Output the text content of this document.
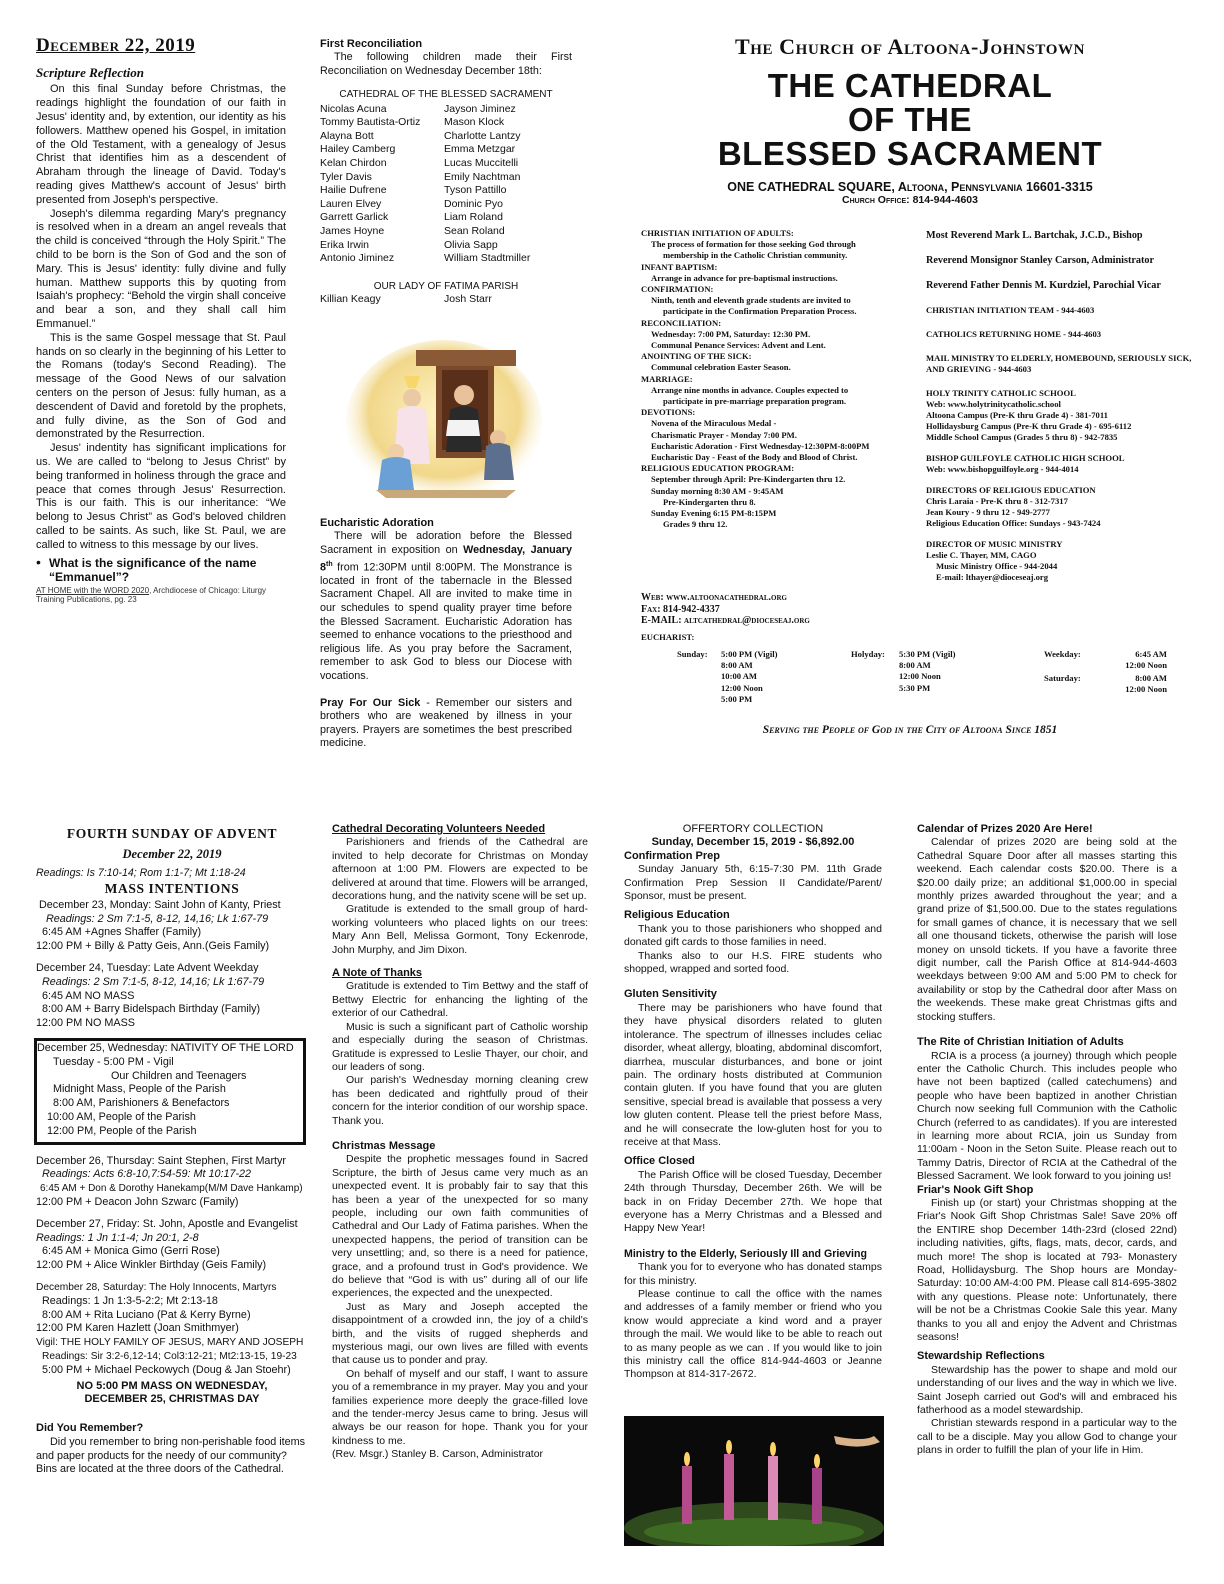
December 22, 2019
Scripture Reflection

On this final Sunday before Christmas, the readings highlight the foundation of our faith in Jesus' identity and, by extention, our identity as his followers. Matthew opened his Gospel, in imitation of the Old Testament, with a genealogy of Jesus Christ that identifies him as a descendent of Abraham through the lineage of David. Today's reading gives Matthew's account of Jesus' birth presented from Joseph's perspective.

Joseph's dilemma regarding Mary's pregnancy is resolved when in a dream an angel reveals that the child is conceived “through the Holy Spirit.” The child to be born is the Son of God and the son of Mary. This is Jesus' identity: fully divine and fully human. Matthew supports this by quoting from Isaiah's prophecy: “Behold the virgin shall conceive and bear a son, and they shall call him Emmanuel.”

This is the same Gospel message that St. Paul hands on so clearly in the beginning of his Letter to the Romans (today's Second Reading). The message of the Good News of our salvation centers on the person of Jesus: fully human, as a descendent of David and foretold by the prophets, and fully divine, as the Son of God and demonstrated by the Resurrection.

Jesus' indentity has significant implications for us. We are called to “belong to Jesus Christ” by being tranformed in holiness through the grace and peace that comes through Jesus' Resurrection. This is our faith. This is our inheritance: “We belong to Jesus Christ” as God's beloved children called to be saints. As such, like St. Paul, we are called to witness to this message by our lives.

• What is the significance of the name “Emmanuel”?
AT HOME with the WORD 2020, Archdiocese of Chicago: Liturgy Training Publications, pg. 23
First Reconciliation

The following children made their First Reconciliation on Wednesday December 18th:

CATHEDRAL OF THE BLESSED SACRAMENT
Nicolas Acuna	Jayson Jiminez
Tommy Bautista-Ortiz	Mason Klock
Alayna Bott	Charlotte Lantzy
Hailey Camberg	Emma Metzgar
Kelan Chirdon	Lucas Muccitelli
Tyler Davis	Emily Nachtman
Hailie Dufrene	Tyson Pattillo
Lauren Elvey	Dominic Pyo
Garrett Garlick	Liam Roland
James Hoyne	Sean Roland
Erika Irwin	Olivia Sapp
Antonio Jiminez	William Stadtmiller
OUR LADY OF FATIMA PARISH
Killian Keagy	Josh Starr
Eucharistic Adoration

There will be adoration before the Blessed Sacrament in exposition on Wednesday, January 8th from 12:30PM until 8:00PM. The Monstrance is located in front of the tabernacle in the Blessed Sacrament Chapel. All are invited to make time in our schedules to spend quality prayer time before the Blessed Sacrament. Eucharistic Adoration has seemed to enhance vocations to the priesthood and religious life. As you pray before the Sacrament, remember to ask God to bless our Diocese with vocations.

Pray For Our Sick - Remember our sisters and brothers who are weakened by illness in your prayers. Prayers are sometimes the best prescribed medicine.

The Church of Altoona-Johnstown
THE CATHEDRAL
OF THE
BLESSED SACRAMENT
ONE CATHEDRAL SQUARE, Altoona, Pennsylvania 16601-3315
Church Office: 814-944-4603
CHRISTIAN INITIATION OF ADULTS:
The process of formation for those seeking God through
membership in the Catholic Christian community.
INFANT BAPTISM:
Arrange in advance for pre-baptismal instructions.
CONFIRMATION:
Ninth, tenth and eleventh grade students are invited to
participate in the Confirmation Preparation Process.
RECONCILIATION:
Wednesday: 7:00 PM, Saturday: 12:30 PM.
Communal Penance Services: Advent and Lent.
ANOINTING OF THE SICK:
Communal celebration Easter Season.
MARRIAGE:
Arrange nine months in advance. Couples expected to
participate in pre-marriage preparation program.
DEVOTIONS:
Novena of the Miraculous Medal -
Charismatic Prayer - Monday 7:00 PM.
Eucharistic Adoration - First Wednesday-12:30PM-8:00PM
Eucharistic Day - Feast of the Body and Blood of Christ.
RELIGIOUS EDUCATION PROGRAM:
September through April: Pre-Kindergarten thru 12.
Sunday morning 8:30 AM - 9:45AM
Pre-Kindergarten thru 8.
Sunday Evening 6:15 PM-8:15PM
Grades 9 thru 12.
Most Reverend Mark L. Bartchak, J.C.D., Bishop
Reverend Monsignor Stanley Carson, Administrator
Reverend Father Dennis M. Kurdziel, Parochial Vicar
CHRISTIAN INITIATION TEAM - 944-4603
CATHOLICS RETURNING HOME - 944-4603
MAIL MINISTRY TO ELDERLY, HOMEBOUND, SERIOUSLY SICK, AND GRIEVING - 944-4603
HOLY TRINITY CATHOLIC SCHOOL
Web: www.holytrinitycatholic.school
Altoona Campus (Pre-K thru Grade 4) - 381-7011
Hollidaysburg Campus (Pre-K thru Grade 4) - 695-6112
Middle School Campus (Grades 5 thru 8) - 942-7835
BISHOP GUILFOYLE CATHOLIC HIGH SCHOOL
Web: www.bishopguilfoyle.org - 944-4014
DIRECTORS OF RELIGIOUS EDUCATION
Chris Laraia - Pre-K thru 8 - 312-7317
Jean Koury - 9 thru 12 - 949-2777
Religious Education Office: Sundays - 943-7424
DIRECTOR OF MUSIC MINISTRY
Leslie C. Thayer, MM, CAGO
Music Ministry Office - 944-2044
E-mail: lthayer@dioceseaj.org
Web: www.altoonacathedral.org
Fax: 814-942-4337
E-MAIL: altcathedral@dioceseaj.org
EUCHARIST:
Sunday: 5:00 PM (Vigil)
8:00 AM
10:00 AM
12:00 Noon
5:00 PM
Holyday: 5:30 PM (Vigil)
8:00 AM
12:00 Noon
5:30 PM
Weekday:	6:45 AM
12:00 Noon
Saturday:	8:00 AM
12:00 Noon
Serving the People of God in the City of Altoona Since 1851
FOURTH SUNDAY OF ADVENT
December 22, 2019
Readings: Is 7:10-14; Rom 1:1-7; Mt 1:18-24
MASS INTENTIONS

December 23, Monday: Saint John of Kanty, Priest

Readings: 2 Sm 7:1-5, 8-12, 14,16; Lk 1:67-79

6:45 AM +Agnes Shaffer (Family)

12:00 PM + Billy & Patty Geis, Ann.(Geis Family)

December 24, Tuesday: Late Advent Weekday

Readings: 2 Sm 7:1-5, 8-12, 14,16; Lk 1:67-79

6:45 AM NO MASS

8:00 AM + Barry Bidelspach Birthday (Family)

12:00 PM NO MASS

December 25, Wednesday: NATIVITY OF THE LORD

Tuesday - 5:00 PM - Vigil

Our Children and Teenagers

Midnight Mass, People of the Parish

8:00 AM, Parishioners & Benefactors

10:00 AM, People of the Parish

12:00 PM, People of the Parish

December 26, Thursday: Saint Stephen, First Martyr

Readings: Acts 6:8-10,7:54-59: Mt 10:17-22

6:45 AM + Don & Dorothy Hanekamp(M/M Dave Hankamp)

12:00 PM + Deacon John Szwarc (Family)

December 27, Friday: St. John, Apostle and Evangelist

Readings: 1 Jn 1:1-4; Jn 20:1, 2-8

6:45 AM + Monica Gimo (Gerri Rose)

12:00 PM + Alice Winkler Birthday (Geis Family)

December 28, Saturday: The Holy Innocents, Martyrs

Readings: 1 Jn 1:3-5-2:2; Mt 2:13-18

8:00 AM + Rita Luciano (Pat & Kerry Byrne)

12:00 PM Karen Hazlett (Joan Smithmyer)

Vigil: THE HOLY FAMILY OF JESUS, MARY AND JOSEPH

Readings: Sir 3:2-6,12-14; Col3:12-21; Mt2:13-15, 19-23

5:00 PM + Michael Peckowych (Doug & Jan Stoehr)

NO 5:00 PM MASS ON WEDNESDAY,
DECEMBER 25, CHRISTMAS DAY
Did You Remember?

Did you remember to bring non-perishable food items and paper products for the needy of our community? Bins are located at the three doors of the Cathedral.

Cathedral Decorating Volunteers Needed

Parishioners and friends of the Cathedral are invited to help decorate for Christmas on Monday afternoon at 1:00 PM. Flowers are expected to be delivered at around that time. Flowers will be arranged, decorations hung, and the nativity scene will be set up.

Gratitude is extended to the small group of hard-working volunteers who placed lights on our trees: Mary Ann Bell, Melissa Gormont, Tony Eckenrode, John Murphy, and Jim Dixon.

A Note of Thanks

Gratitude is extended to Tim Bettwy and the staff of Bettwy Electric for enhancing the lighting of the exterior of our Cathedral.

Music is such a significant part of Catholic worship and especially during the season of Christmas. Gratitude is expressed to Leslie Thayer, our choir, and our leaders of song.

Our parish's Wednesday morning cleaning crew has been dedicated and rightfully proud of their concern for the interior condition of our worship space. Thank you.

Christmas Message

Despite the prophetic messages found in Sacred Scripture, the birth of Jesus came very much as an unexpected event. It is probably fair to say that this has been a year of the unexpected for so many people, including our own faith communities of Cathedral and Our Lady of Fatima parishes. When the unexpected happens, the period of transition can be very unsettling; and, so there is a need for patience, grace, and a profound trust in God's providence. We do believe that “God is with us” during all of our life experiences, the expected and the unexpected.

Just as Mary and Joseph accepted the disappointment of a crowded inn, the joy of a child's birth, and the visits of rugged shepherds and mysterious magi, our own lives are filled with events that cause us to ponder and pray.

On behalf of myself and our staff, I want to assure you of a remembrance in my prayer. May you and your families experience more deeply the grace-filled love and the tender-mercy Jesus came to bring. Jesus will always be our reason for hope. Thank you for your kindness to me.

(Rev. Msgr.) Stanley B. Carson, Administrator

OFFERTORY COLLECTION
Sunday, December 15, 2019 - $6,892.00
Confirmation Prep

Sunday January 5th, 6:15-7:30 PM. 11th Grade Confirmation Prep Session II Candidate/Parent/ Sponsor, must be present.

Religious Education

Thank you to those parishioners who shopped and donated gift cards to those families in need.

Thanks also to our H.S. FIRE students who shopped, wrapped and sorted food.

Gluten Sensitivity

There may be parishioners who have found that they have physical disorders related to gluten intolerance. The spectrum of illnesses includes celiac disorder, wheat allergy, bloating, abdominal discomfort, diarrhea, muscular disturbances, and bone or joint pain. The ordinary hosts distributed at Communion contain gluten. If you have found that you are gluten sensitive, special bread is available that possess a very low gluten content. Please tell the priest before Mass, and he will consecrate the low-gluten host for you to receive at that Mass.

Office Closed

The Parish Office will be closed Tuesday, December 24th through Thursday, December 26th. We will be back in on Friday December 27th. We hope that everyone has a Merry Christmas and a Blessed and Happy New Year!

Ministry to the Elderly, Seriously Ill and Grieving

Thank you for to everyone who has donated stamps for this ministry.

Please continue to call the office with the names and addresses of a family member or friend who you know would appreciate a kind word and a prayer through the mail. We would like to be able to reach out to as many people as we can . If you would like to join this ministry call the office 814-944-4603 or Jeanne Thompson at 814-317-2672.

Calendar of Prizes 2020 Are Here!

Calendar of prizes 2020 are being sold at the Cathedral Square Door after all masses starting this weekend. Each calendar costs $20.00. There is a $20.00 daily prize; an additional $1,000.00 in special monthly prizes awarded throughout the year; and a grand prize of $1,500.00. Due to the states regulations for small games of chance, it is necessary that we sell all one thousand tickets, otherwise the parish will lose money on unsold tickets. If you have a favorite three digit number, call the Parish Office at 814-944-4603 weekdays between 9:00 AM and 5:00 PM to check for availability or stop by the Cathedral door after Mass on the weekends. These make great Christmas gifts and stocking stuffers.

The Rite of Christian Initiation of Adults

RCIA is a process (a journey) through which people enter the Catholic Church. This includes people who have not been baptized (called catechumens) and people who have been baptized in another Christian Church now seeking full Communion with the Catholic Church (referred to as candidates). If you are interested in learning more about RCIA, join us Sunday from 11:00am - Noon in the Seton Suite. Please reach out to Tammy Datris, Director of RCIA at the Cathedral of the Blessed Sacrament. We look forward to you joining us!

Friar's Nook Gift Shop

Finish up (or start) your Christmas shopping at the Friar's Nook Gift Shop Christmas Sale! Save 20% off the ENTIRE shop December 14th-23rd (closed 22nd) including nativities, gifts, flags, mats, decor, cards, and much more! The shop is located at 793- Monastery Road, Hollidaysburg. The Shop hours are Monday-Saturday: 10:00 AM-4:00 PM. Please call 814-695-3802 with any questions. Please note: Unfortunately, there will be not be a Christmas Cookie Sale this year. Many thanks to you all and enjoy the Advent and Christmas seasons!

Stewardship Reflections

Stewardship has the power to shape and mold our understanding of our lives and the way in which we live. Saint Joseph carried out God's will and embraced his fatherhood as a model stewardship.

Christian stewards respond in a particular way to the call to be a disciple. May you allow God to change your plans in order to fulfill the plan of your life in Him.
